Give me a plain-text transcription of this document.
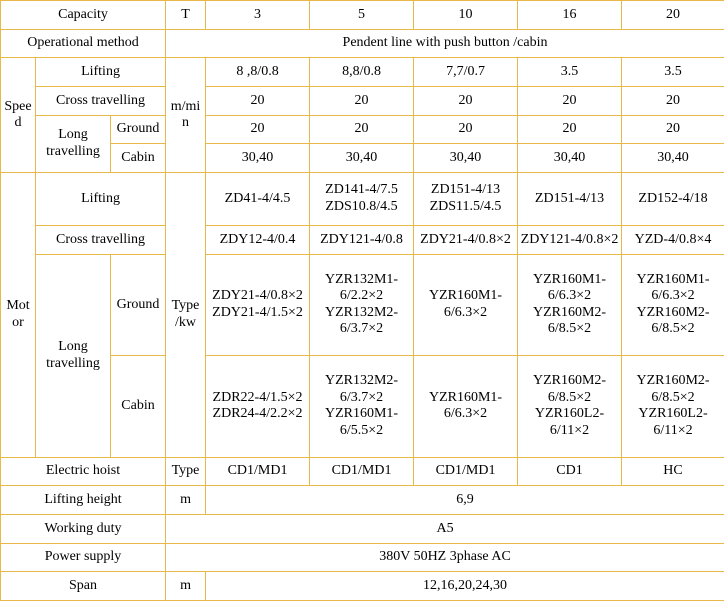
Capacity			T	3	5	10	16	20
Operational method			Pendent line with push button /cabin					
Speed	Lifting		m/min	8 ,8/0.8	8,8/0.8	7,7/0.7	3.5	3.5
	Cross travelling			20	20	20	20	20
	Long travelling	Ground		20	20	20	20	20
		Cabin		30,40	30,40	30,40	30,40	30,40
Motor	Lifting		Type /kw	ZD41-4/4.5	ZD141-4/7.5 ZDS10.8/4.5	ZD151-4/13 ZDS11.5/4.5	ZD151-4/13	ZD152-4/18
	Cross travelling			ZDY12-4/0.4	ZDY121-4/0.8	ZDY21-4/0.8×2	ZDY121-4/0.8×2	YZD-4/0.8×4
	Long travelling	Ground		ZDY21-4/0.8×2 ZDY21-4/1.5×2	YZR132M1-6/2.2×2 YZR132M2-6/3.7×2	YZR160M1-6/6.3×2	YZR160M1-6/6.3×2 YZR160M2-6/8.5×2	YZR160M1-6/6.3×2 YZR160M2-6/8.5×2
		Cabin		ZDR22-4/1.5×2 ZDR24-4/2.2×2	YZR132M2-6/3.7×2 YZR160M1-6/5.5×2	YZR160M1-6/6.3×2	YZR160M2-6/8.5×2 YZR160L2-6/11×2	YZR160M2-6/8.5×2 YZR160L2-6/11×2
Electric hoist			Type	CD1/MD1	CD1/MD1	CD1/MD1	CD1	HC
Lifting height			m	6,9				
Working duty			A5					
Power supply			380V 50HZ 3phase AC					
Span			m	12,16,20,24,30				
